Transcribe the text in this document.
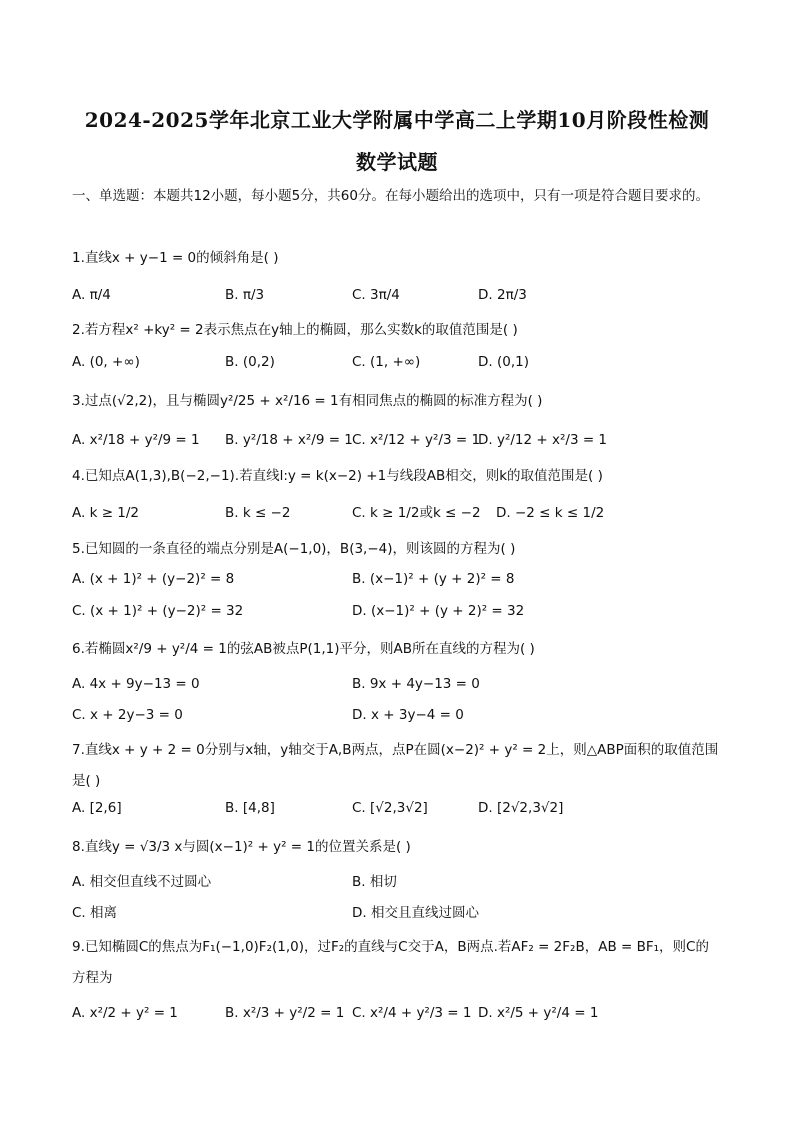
2024-2025学年北京工业大学附属中学高二上学期10月阶段性检测
数学试题
一、单选题：本题共12小题，每小题5分，共60分。在每小题给出的选项中，只有一项是符合题目要求的。
1.直线x + y−1 = 0的倾斜角是( )
A. π/4	B. π/3	C. 3π/4	D. 2π/3
2.若方程x² +ky² = 2表示焦点在y轴上的椭圆，那么实数k的取值范围是( )
A. (0, +∞)	B. (0,2)	C. (1, +∞)	D. (0,1)
3.过点(√2,2)，且与椭圆y²/25 + x²/16 = 1有相同焦点的椭圆的标准方程为( )
A. x²/18 + y²/9 = 1 B. y²/18 + x²/9 = 1 C. x²/12 + y²/3 = 1
D. y²/12 + x²/3 = 1
4.已知点A(1,3),B(−2,−1).若直线l:y = k(x−2) +1与线段AB相交，则k的取值范围是( )
A. k ≥ 1/2	B. k ≤ −2	C. k ≥ 1/2或k ≤ −2 D. −2 ≤ k ≤ 1/2
5.已知圆的一条直径的端点分别是A(−1,0)，B(3,−4)，则该圆的方程为( )
A. (x + 1)² + (y−2)² = 8	B. (x−1)² + (y + 2)² = 8
C. (x + 1)² + (y−2)² = 32	D. (x−1)² + (y + 2)² = 32
6.若椭圆x²/9 + y²/4 = 1的弦AB被点P(1,1)平分，则AB所在直线的方程为( )
A. 4x + 9y−13 = 0	B. 9x + 4y−13 = 0
C. x + 2y−3 = 0	D. x + 3y−4 = 0
7.直线x + y + 2 = 0分别与x轴，y轴交于A,B两点，点P在圆(x−2)² + y² = 2上，则△ABP面积的取值范围是( )
A. [2,6]	B. [4,8]	C. [√2,3√2]	D. [2√2,3√2]
8.直线y = √3/3 x与圆(x−1)² + y² = 1的位置关系是( )
A. 相交但直线不过圆心	B. 相切
C. 相离	D. 相交且直线过圆心
9.已知椭圆C的焦点为F₁(−1,0)F₂(1,0)，过F₂的直线与C交于A，B两点.若AF₂ = 2F₂B，AB = BF₁，则C的方程为
A. x²/2 + y² = 1	B. x²/3 + y²/2 = 1 C. x²/4 + y²/3 = 1 D. x²/5 + y²/4 = 1
